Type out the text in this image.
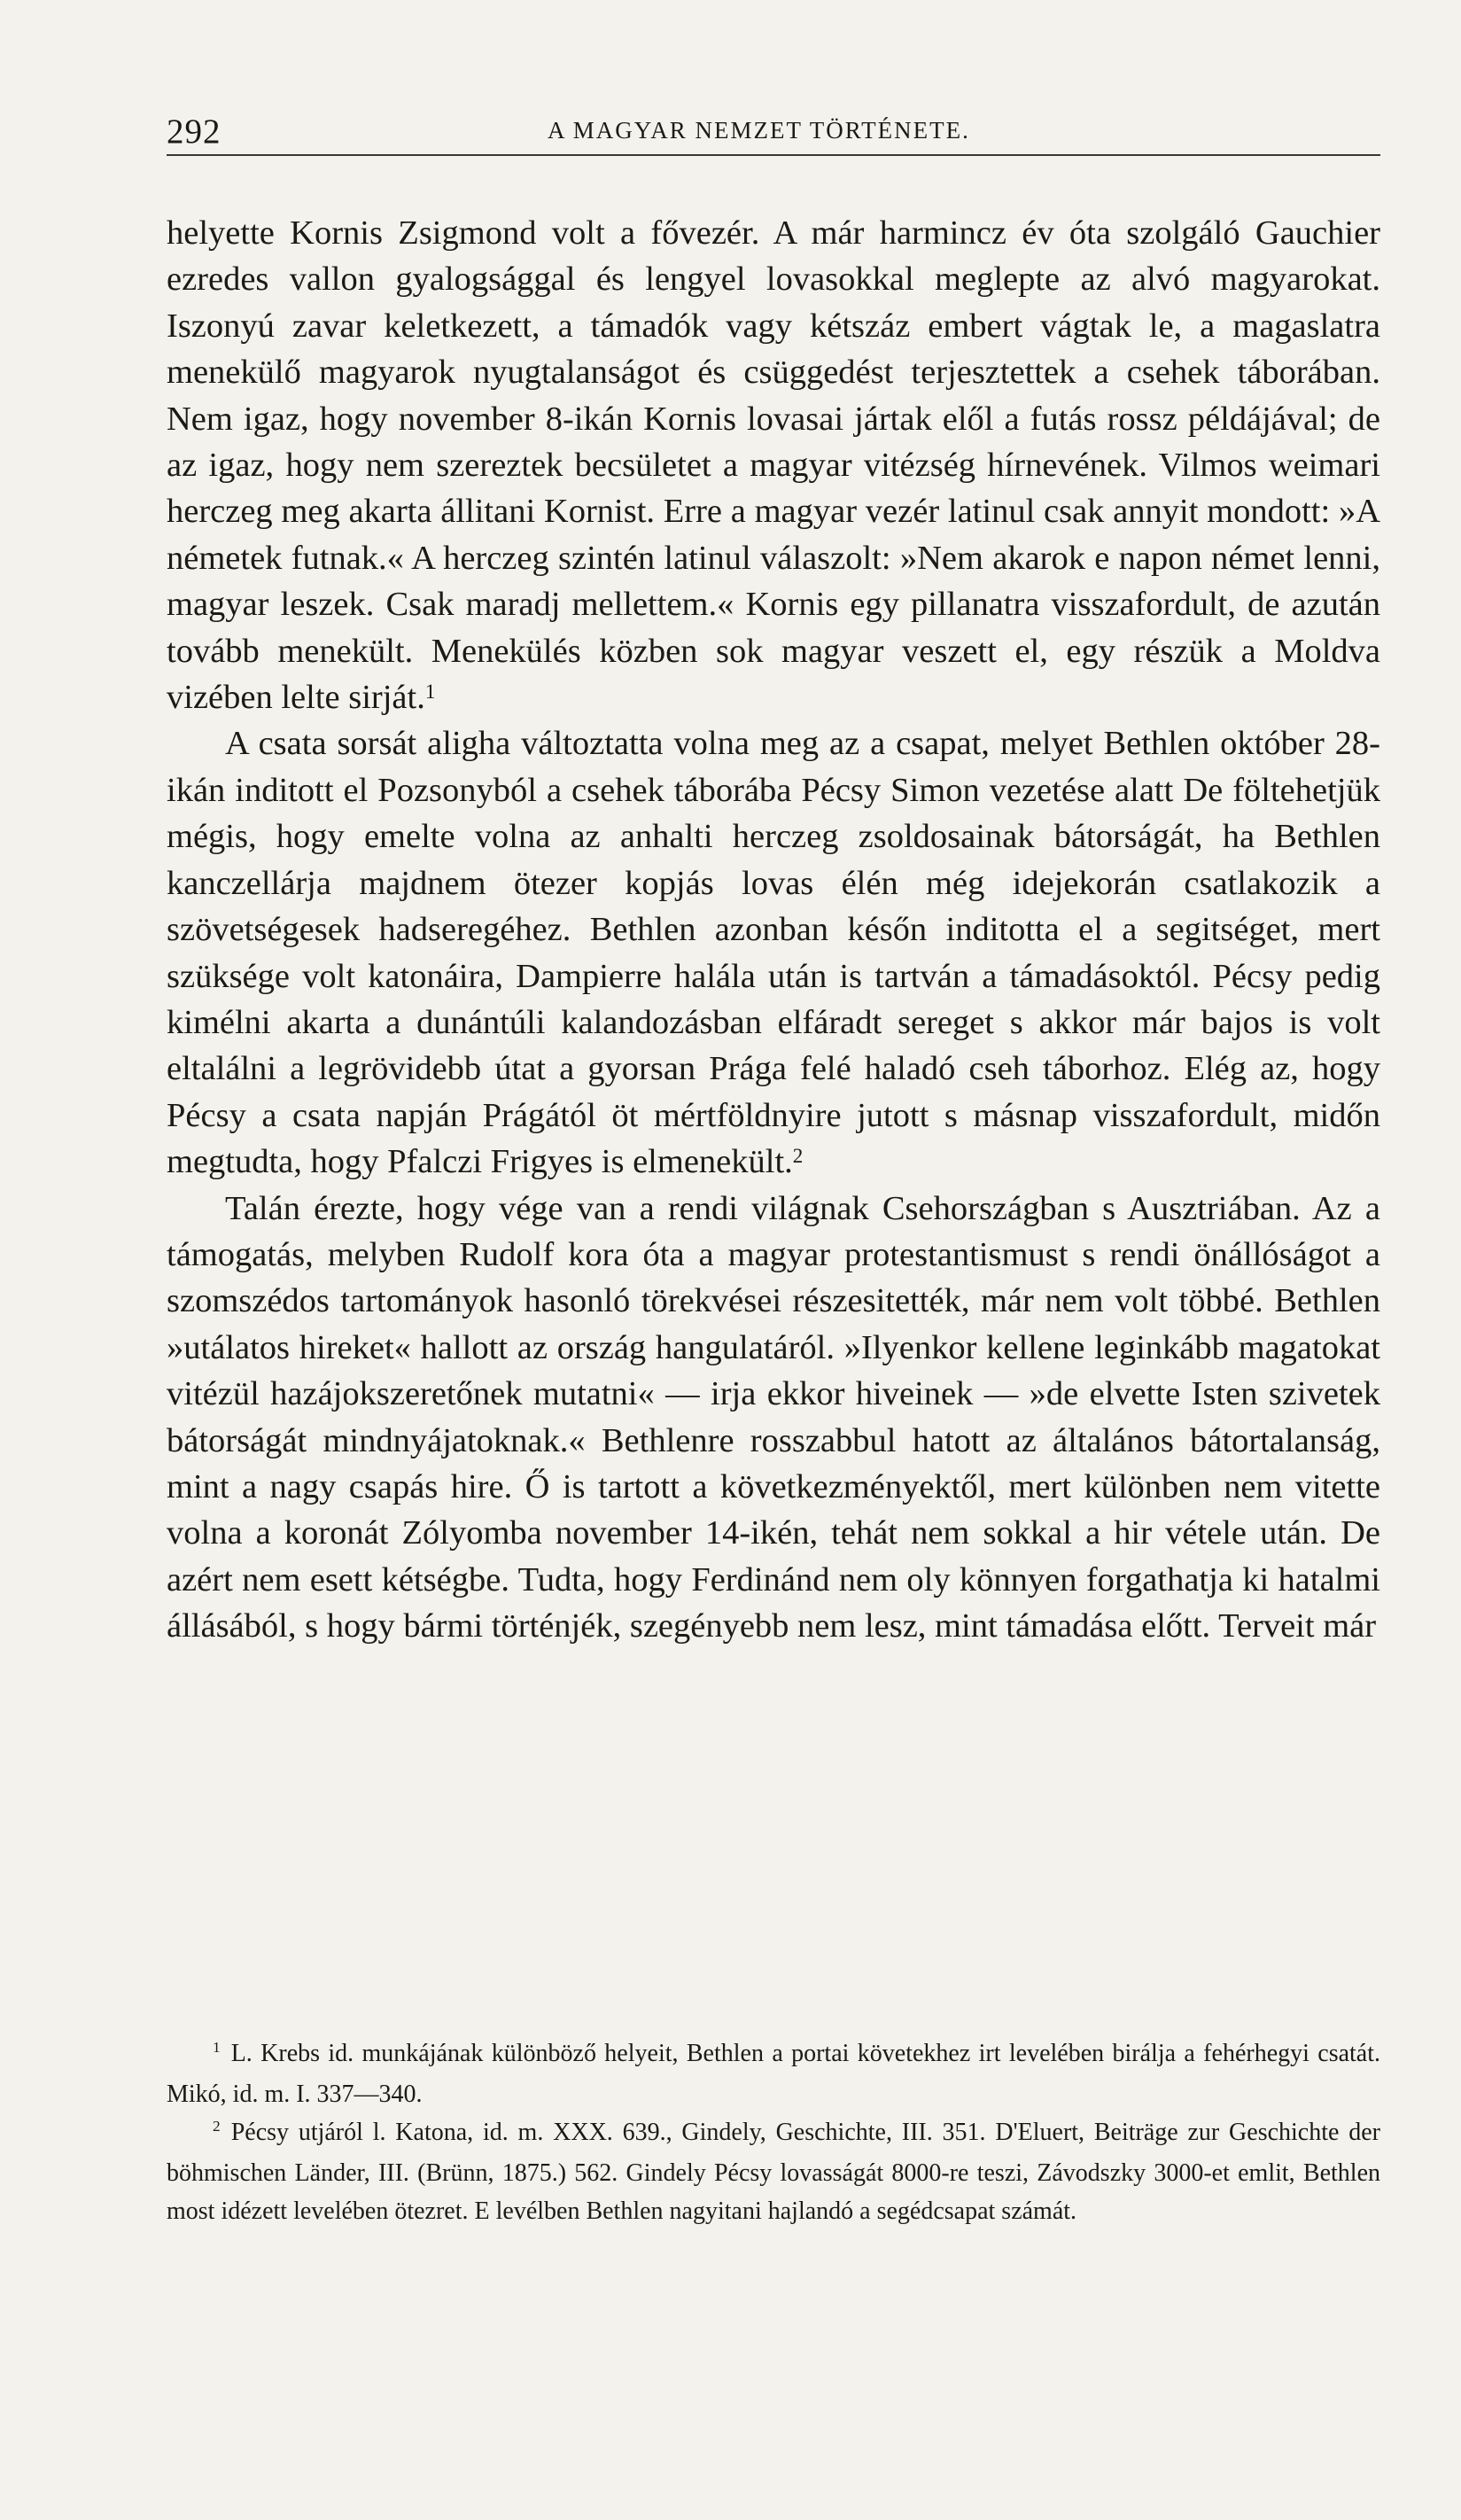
292	A MAGYAR NEMZET TÖRTÉNETE.

helyette Kornis Zsigmond volt a fővezér. A már harmincz év óta szolgáló Gauchier ezredes vallon gyalogsággal és lengyel lovasokkal meglepte az alvó magyarokat. Iszonyú zavar keletkezett, a támadók vagy kétszáz embert vágtak le, a magaslatra menekülő magyarok nyugtalanságot és csüggedést terjesztettek a csehek táborában. Nem igaz, hogy november 8-ikán Kornis lovasai jártak elől a futás rossz példájával; de az igaz, hogy nem szereztek becsületet a magyar vitézség hírnevének. Vilmos weimari herczeg meg akarta állitani Kornist. Erre a magyar vezér latinul csak annyit mondott: »A németek futnak.« A herczeg szintén latinul válaszolt: »Nem akarok e napon német lenni, magyar leszek. Csak maradj mellettem.« Kornis egy pillanatra visszafordult, de azután tovább menekült. Menekülés közben sok magyar veszett el, egy részük a Moldva vizében lelte sirját.$^1$

A csata sorsát aligha változtatta volna meg az a csapat, melyet Bethlen október 28-ikán inditott el Pozsonyból a csehek táborába Pécsy Simon vezetése alatt De föltehetjük mégis, hogy emelte volna az anhalti herczeg zsoldosainak bátorságát, ha Bethlen kanczellárja majdnem ötezer kopjás lovas élén még idejekorán csatlakozik a szövetségesek hadseregéhez. Bethlen azonban későn inditotta el a segitséget, mert szüksége volt katonáira, Dampierre halála után is tartván a támadásoktól. Pécsy pedig kimélni akarta a dunántúli kalandozásban elfáradt sereget s akkor már bajos is volt eltalálni a legrövidebb útat a gyorsan Prága felé haladó cseh táborhoz. Elég az, hogy Pécsy a csata napján Prágától öt mértföldnyire jutott s másnap visszafordult, midőn megtudta, hogy Pfalczi Frigyes is elmenekült.$^2$

Talán érezte, hogy vége van a rendi világnak Csehországban s Ausztriában. Az a támogatás, melyben Rudolf kora óta a magyar protestantismust s rendi önállóságot a szomszédos tartományok hasonló törekvései részesitették, már nem volt többé. Bethlen »utálatos hireket« hallott az ország hangulatáról. »Ilyenkor kellene leginkább magatokat vitézül hazájokszeretőnek mutatni« — irja ekkor hiveinek — »de elvette Isten szivetek bátorságát mindnyájatoknak.« Bethlenre rosszabbul hatott az általános bátortalanság, mint a nagy csapás hire. Ő is tartott a következményektől, mert különben nem vitette volna a koronát Zólyomba november 14-ikén, tehát nem sokkal a hir vétele után. De azért nem esett kétségbe. Tudta, hogy Ferdinánd nem oly könnyen forgathatja ki hatalmi állásából, s hogy bármi történjék, szegényebb nem lesz, mint támadása előtt. Terveit már

$^1$ L. Krebs id. munkájának különböző helyeit, Bethlen a portai követekhez irt levelében birálja a fehérhegyi csatát. Mikó, id. m. I. 337—340.

$^2$ Pécsy utjáról l. Katona, id. m. XXX. 639., Gindely, Geschichte, III. 351. D'Eluert, Beiträge zur Geschichte der böhmischen Länder, III. (Brünn, 1875.) 562. Gindely Pécsy lovasságát 8000-re teszi, Závodszky 3000-et emlit, Bethlen most idézett levelében ötezret. E levélben Bethlen nagyitani hajlandó a segédcsapat számát.
